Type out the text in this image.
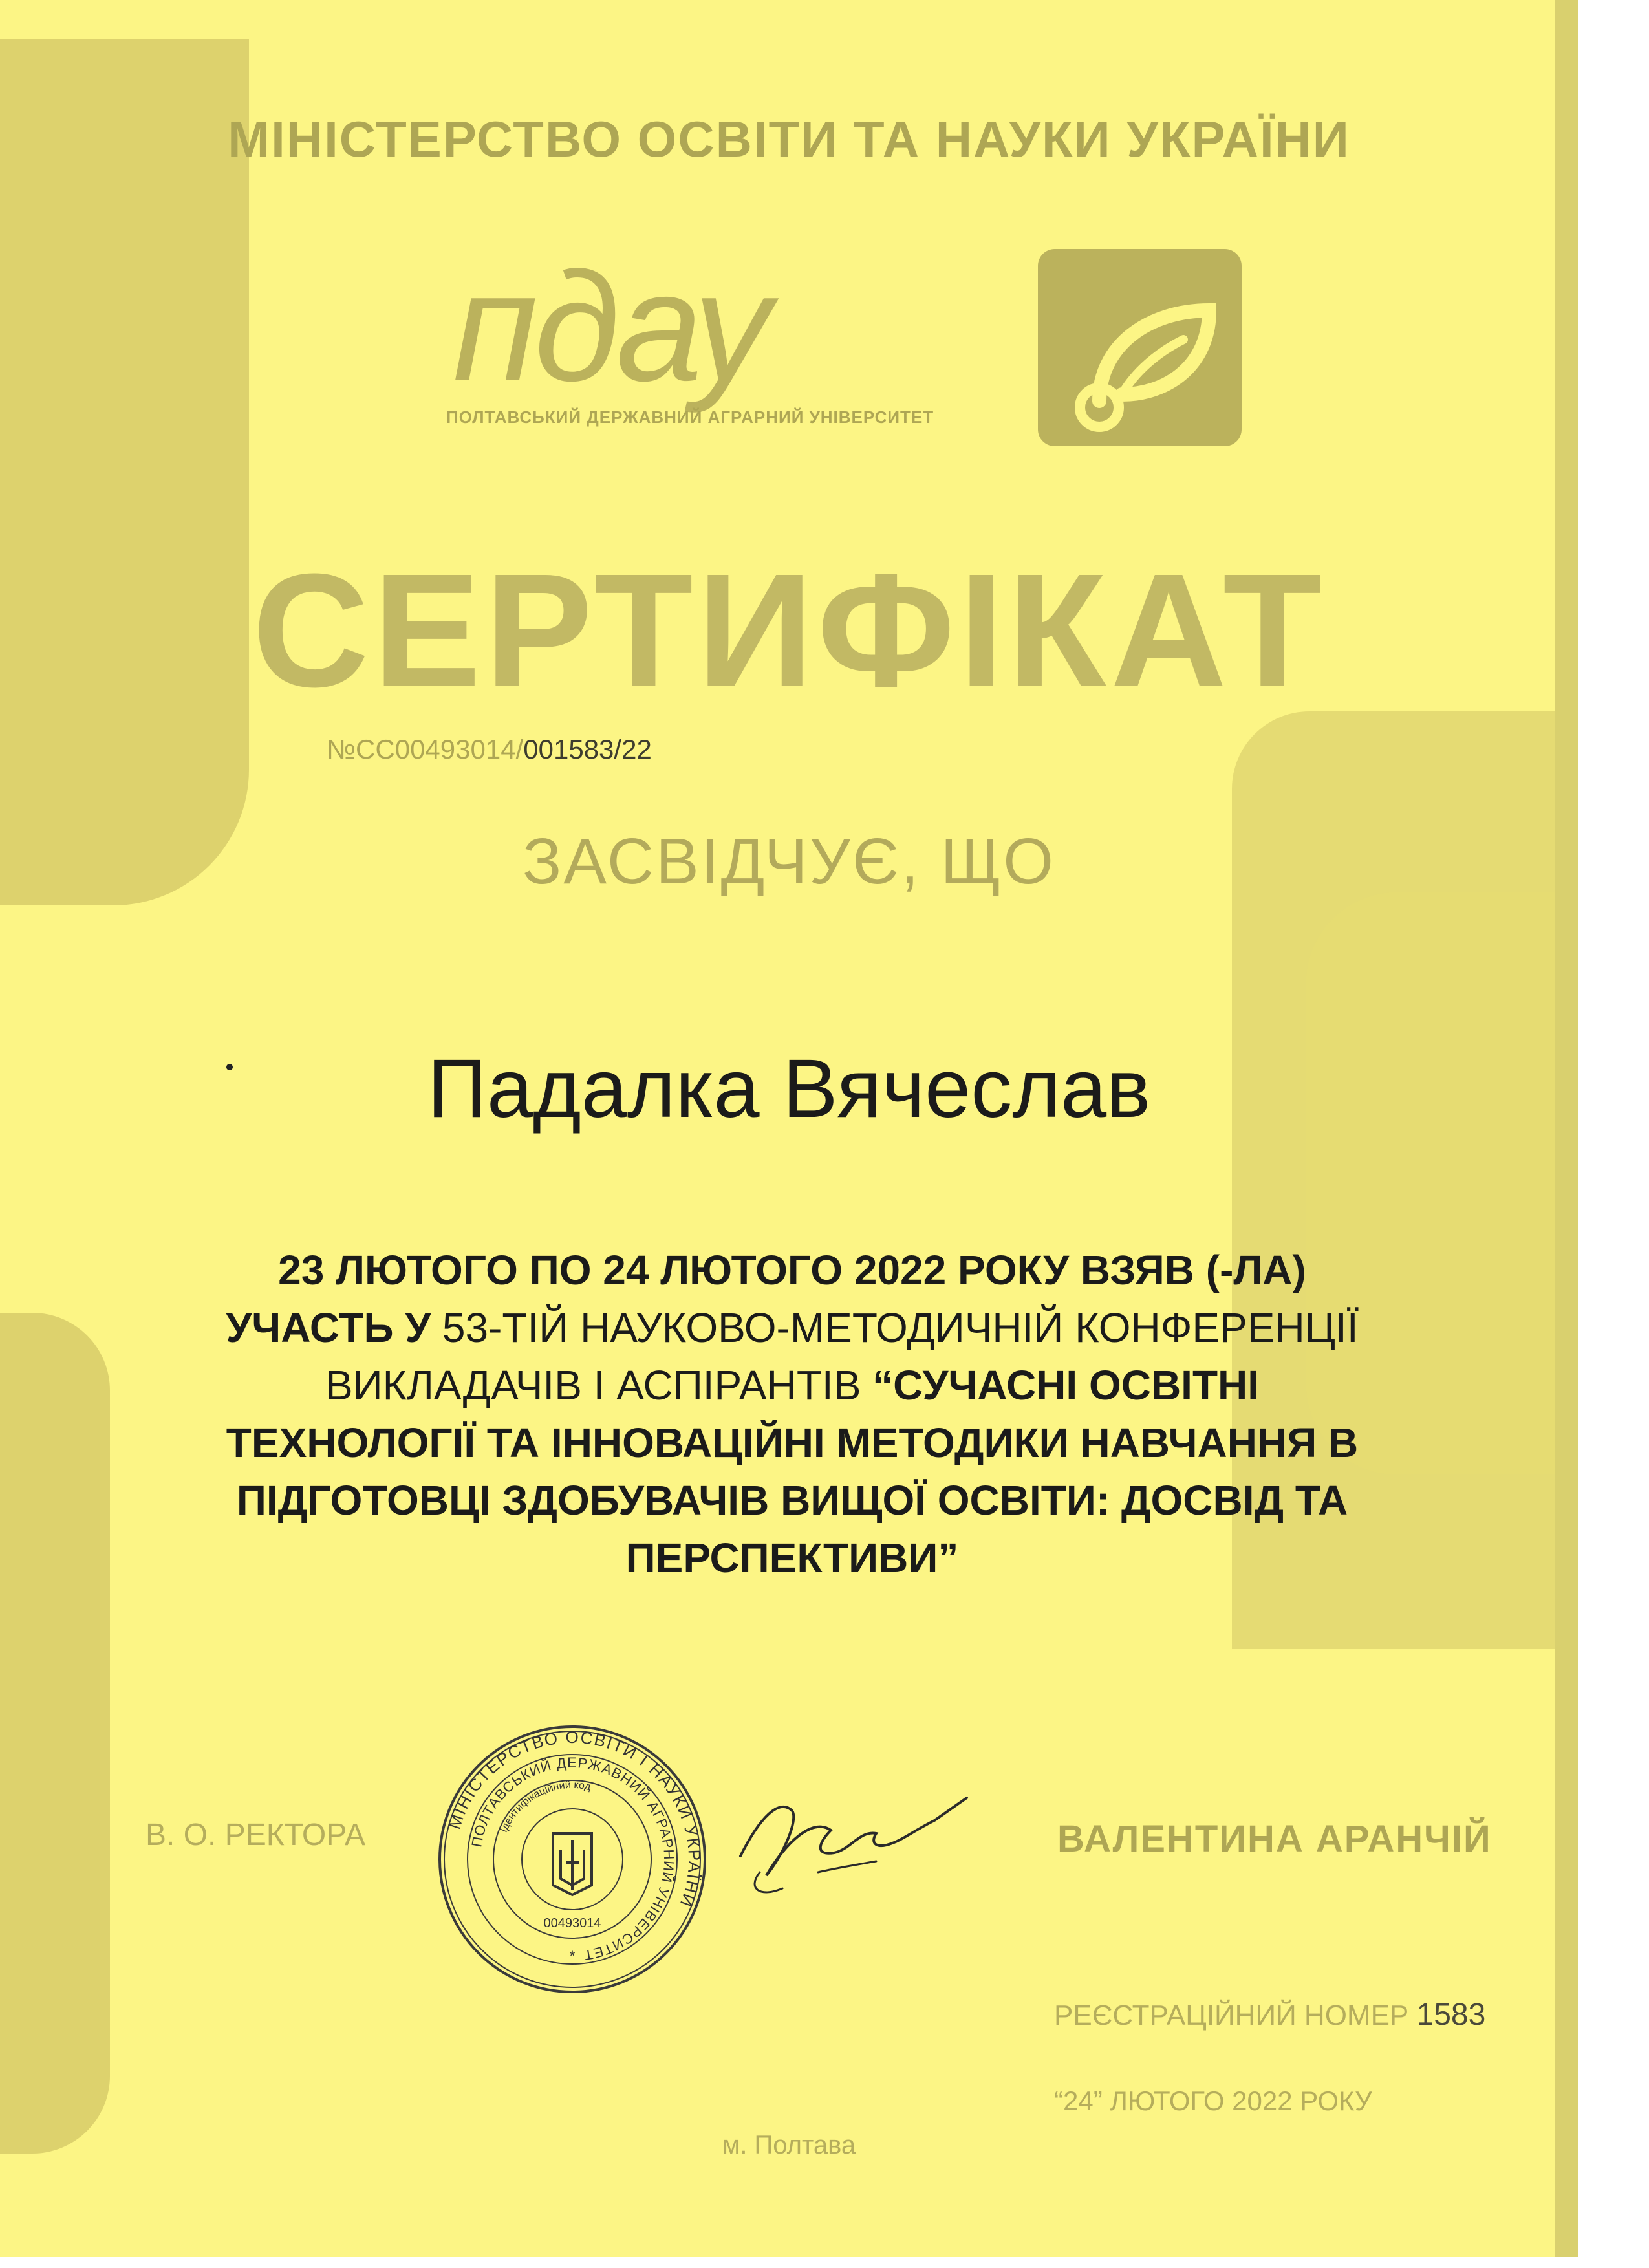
МІНІСТЕРСТВО ОСВІТИ ТА НАУКИ УКРАЇНИ
пдау
ПОЛТАВСЬКИЙ ДЕРЖАВНИЙ АГРАРНИЙ УНІВЕРСИТЕТ
СЕРТИФІКАТ
№СС00493014/001583/22
ЗАСВІДЧУЄ, ЩО
Падалка Вячеслав
23 ЛЮТОГО ПО 24 ЛЮТОГО 2022 РОКУ ВЗЯВ (-ЛА)
УЧАСТЬ У 53-ТІЙ НАУКОВО-МЕТОДИЧНІЙ КОНФЕРЕНЦІЇ
ВИКЛАДАЧІВ І АСПІРАНТІВ “СУЧАСНІ ОСВІТНІ
ТЕХНОЛОГІЇ ТА ІННОВАЦІЙНІ МЕТОДИКИ НАВЧАННЯ В
ПІДГОТОВЦІ ЗДОБУВАЧІВ ВИЩОЇ ОСВІТИ: ДОСВІД ТА
ПЕРСПЕКТИВИ”
В. О. РЕКТОРА	МІНІСТЕРСТВО ОСВІТИ І НАУКИ УКРАЇНИ
ПОЛТАВСЬКИЙ ДЕРЖАВНИЙ АГРАРНИЙ УНІВЕРСИТЕТ
Ідентифікаційний код
00493014
*
ВАЛЕНТИНА АРАНЧІЙ
РЕЄСТРАЦІЙНИЙ НОМЕР 1583
“24” ЛЮТОГО 2022 РОКУ
м. Полтава
